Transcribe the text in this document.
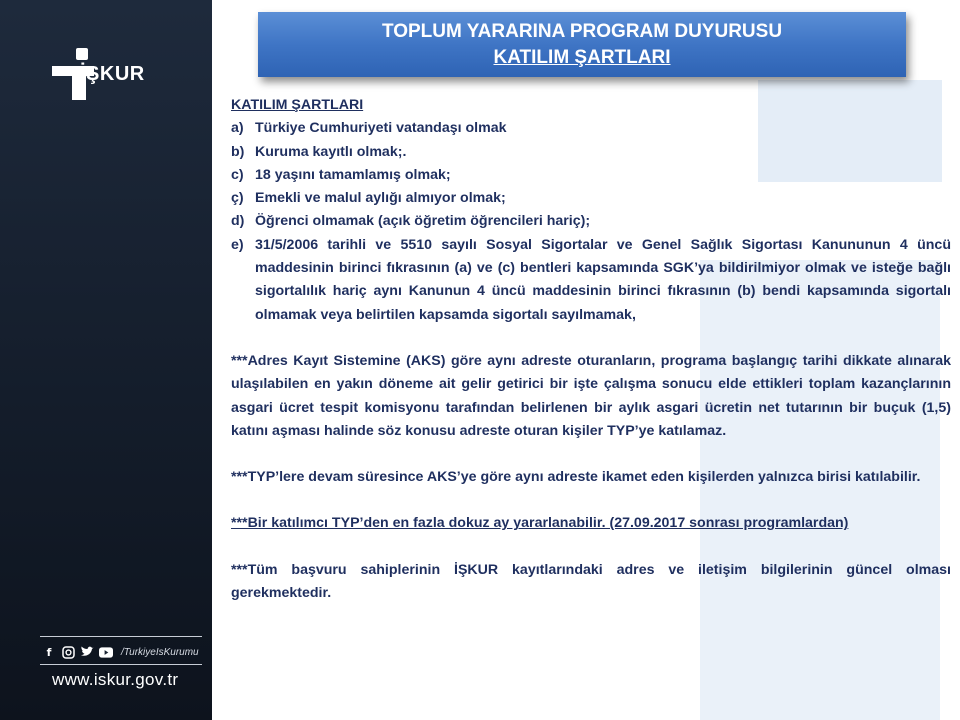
İŞKUR
f	/TurkiyeIsKurumu
www.iskur.gov.tr
TOPLUM YARARINA PROGRAM DUYURUSU
KATILIM ŞARTLARI
KATILIM ŞARTLARI
a) Türkiye Cumhuriyeti vatandaşı olmak
b) Kuruma kayıtlı olmak;.
c) 18 yaşını tamamlamış olmak;
ç) Emekli ve malul aylığı almıyor olmak;
d) Öğrenci olmamak (açık öğretim öğrencileri hariç);
e) 31/5/2006 tarihli ve 5510 sayılı Sosyal Sigortalar ve Genel Sağlık Sigortası Kanununun 4 üncü maddesinin birinci fıkrasının (a) ve (c) bentleri kapsamında SGK’ya bildirilmiyor olmak ve isteğe bağlı sigortalılık hariç aynı Kanunun 4 üncü maddesinin birinci fıkrasının (b) bendi kapsamında sigortalı olmamak veya belirtilen kapsamda sigortalı sayılmamak,
***Adres Kayıt Sistemine (AKS) göre aynı adreste oturanların, programa başlangıç tarihi dikkate alınarak ulaşılabilen en yakın döneme ait gelir getirici bir işte çalışma sonucu elde ettikleri toplam kazançlarının asgari ücret tespit komisyonu tarafından belirlenen bir aylık asgari ücretin net tutarının bir buçuk (1,5) katını aşması halinde söz konusu adreste oturan kişiler TYP’ye katılamaz.
***TYP’lere devam süresince AKS’ye göre aynı adreste ikamet eden kişilerden yalnızca birisi katılabilir.
***Bir katılımcı TYP’den en fazla dokuz ay yararlanabilir. (27.09.2017 sonrası programlardan)
***Tüm başvuru sahiplerinin İŞKUR kayıtlarındaki adres ve iletişim bilgilerinin güncel olması gerekmektedir.
